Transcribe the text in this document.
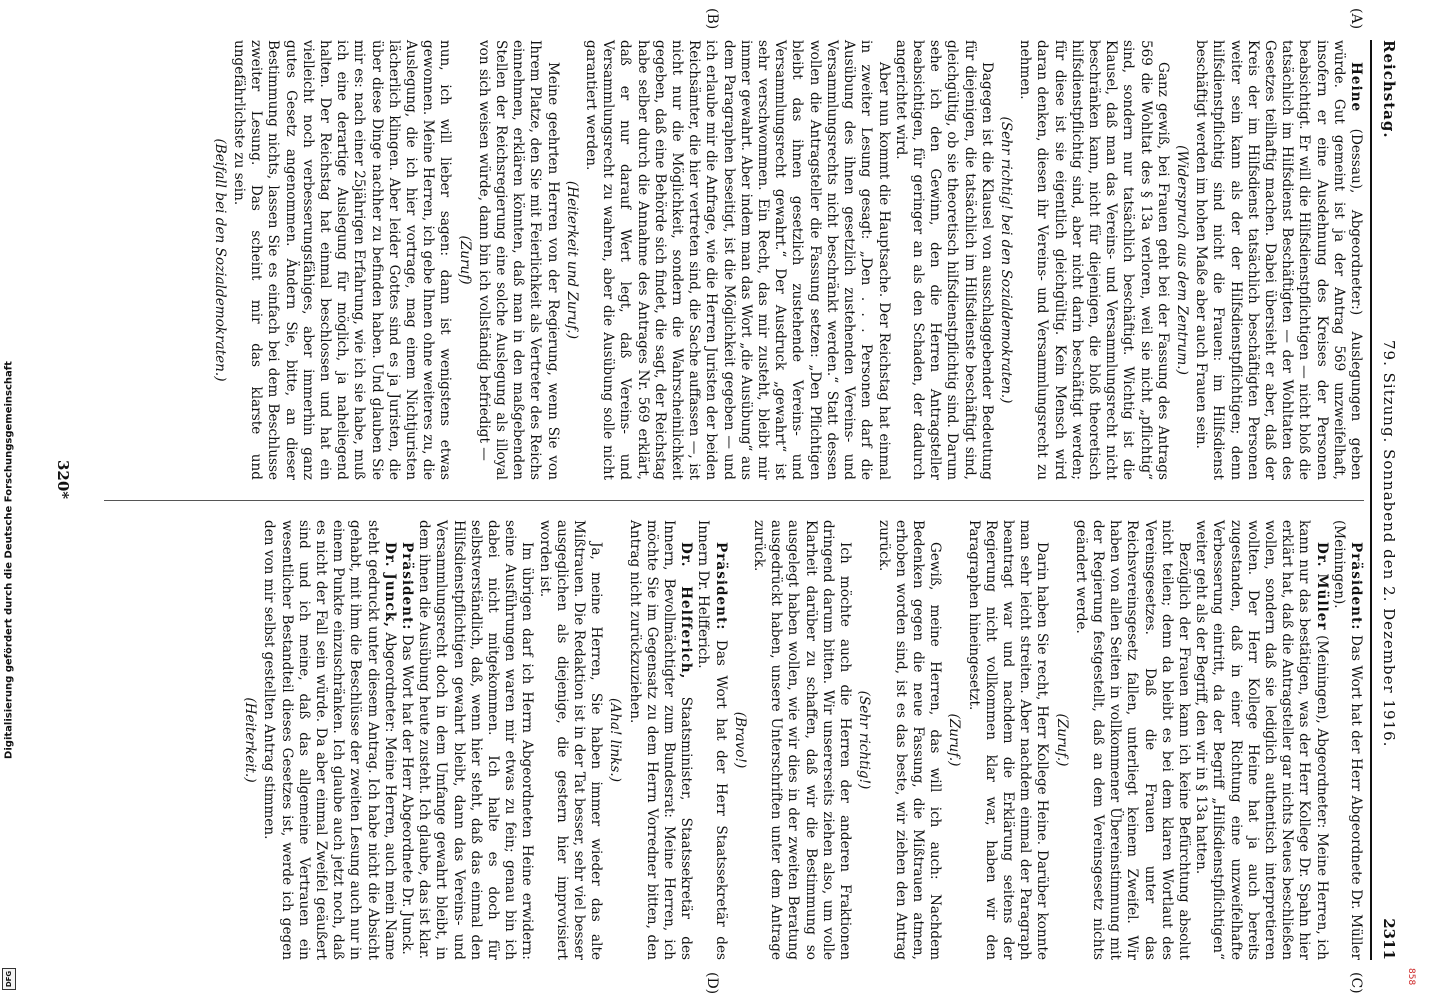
Digitalisierung gefördert durch die Deutsche Forschungsgemeinschaft
DFG	858
Reichstag.
79. Sitzung. Sonnabend den 2. Dezember 1916.
2311
(A)
(B)
(C)
(D)

Heine (Dessau), Abgeordneter:) Auslegungen geben würde. Gut gemeint ist ja der Antrag 569 unzweifelhaft, insofern er eine Ausdehnung des Kreises der Personen beabsichtigt. Er will die Hilfsdienstpflichtigen — nicht bloß die tatsächlich im Hilfsdienst Beschäftigten — der Wohltaten des Gesetzes teilhaftig machen. Dabei übersieht er aber, daß der Kreis der im Hilfsdienst tatsächlich beschäftigten Personen weiter sein kann als der der Hilfsdienstpflichtigen; denn hilfsdienstpflichtig sind nicht die Frauen: im Hilfsdienst beschäftigt werden im hohen Maße aber auch Frauen sein.

(Widerspruch aus dem Zentrum.)

Ganz gewiß, bei Frauen geht bei der Fassung des Antrags 569 die Wohltat des § 13a verloren, weil sie nicht „pflichtig“ sind, sondern nur tatsächlich beschäftigt. Wichtig ist die Klausel, daß man das Vereins- und Versammlungsrecht nicht beschränken kann, nicht für diejenigen, die bloß theoretisch hilfsdienstpflichtig sind, aber nicht darin beschäftigt werden; für diese ist sie eigentlich gleichgültig. Kein Mensch wird daran denken, diesen ihr Vereins- und Versammlungsrecht zu nehmen.

(Sehr richtig! bei den Sozialdemokraten.)

Dagegen ist die Klausel von ausschlaggebender Bedeutung für diejenigen, die tatsächlich im Hilfsdienste beschäftigt sind, gleichgültig, ob sie theoretisch hilfsdienstpflichtig sind. Darum sehe ich den Gewinn, den die Herren Antragsteller beabsichtigen, für geringer an als den Schaden, der dadurch angerichtet wird.

Aber nun kommt die Hauptsache. Der Reichstag hat einmal in zweiter Lesung gesagt: „Den . . . Personen darf die Ausübung des ihnen gesetzlich zustehenden Vereins- und Versammlungsrechts nicht beschränkt werden.“ Statt dessen wollen die Antragsteller die Fassung setzen: „Den Pflichtigen bleibt das ihnen gesetzlich zustehende Vereins- und Versammlungsrecht gewahrt.“ Der Ausdruck „gewahrt“ ist sehr verschwommen. Ein Recht, das mir zusteht, bleibt mir immer gewahrt. Aber indem man das Wort „die Ausübung“ aus dem Paragraphen beseitigt, ist die Möglichkeit gegeben — und ich erlaube mir die Anfrage, wie die Herren Juristen der beiden Reichsämter, die hier vertreten sind, die Sache auffassen —, ist nicht nur die Möglichkeit, sondern die Wahrscheinlichkeit gegeben, daß eine Behörde sich findet, die sagt, der Reichstag habe selber durch die Annahme des Antrages Nr. 569 erklärt, daß er nur darauf Wert legt, daß Vereins- und Versammlungsrecht zu wahren, aber die Ausübung solle nicht garantiert werden.

(Heiterkeit und Zuruf.)

Meine geehrten Herren von der Regierung, wenn Sie von Ihrem Platze, den Sie mit Feierlichkeit als Vertreter des Reichs einnehmen, erklären könnten, daß man in den maßgebenden Stellen der Reichsregierung eine solche Auslegung als illoyal von sich weisen würde, dann bin ich vollständig befriedigt —

(Zuruf)

nun, ich will lieber sagen: dann ist wenigstens etwas gewonnen. Meine Herren, ich gebe Ihnen ohne weiteres zu, die Auslegung, die ich hier vortrage, mag einem Nichtjuristen lächerlich klingen. Aber leider Gottes sind es ja Juristen, die über diese Dinge nachher zu befinden haben. Und glauben Sie mir es: nach einer 25jährigen Erfahrung, wie ich sie habe, muß ich eine derartige Auslegung für möglich, ja naheliegend halten. Der Reichstag hat einmal beschlossen und hat ein vielleicht noch verbesserungsfähiges, aber immerhin ganz gutes Gesetz angenommen. Ändern Sie, bitte, an dieser Bestimmung nichts, lassen Sie es einfach bei dem Beschlusse zweiter Lesung. Das scheint mir das klarste und ungefährlichste zu sein.

(Beifall bei den Sozialdemokraten.)

Präsident: Das Wort hat der Herr Abgeordnete Dr. Müller (Meiningen).

Dr. Müller (Meiningen), Abgeordneter: Meine Herren, ich kann nur das bestätigen, was der Herr Kollege Dr. Spahn hier erklärt hat, daß die Antragsteller gar nichts Neues beschließen wollen, sondern daß sie lediglich authentisch interpretieren wollten. Der Herr Kollege Heine hat ja auch bereits zugestanden, daß in einer Richtung eine unzweifelhafte Verbesserung eintritt, da der Begriff „Hilfsdienstpflichtigen“ weiter geht als der Begriff, den wir in § 13a hatten.

Bezüglich der Frauen kann ich keine Befürchtung absolut nicht teilen; denn da bleibt es bei dem klaren Wortlaut des Vereinsgesetzes. Daß die Frauen unter das Reichsvereinsgesetz fallen, unterliegt keinem Zweifel. Wir haben von allen Seiten in vollkommener Übereinstimmung mit der Regierung festgestellt, daß an dem Vereinsgesetz nichts geändert werde.

(Zuruf.)

Darin haben Sie recht, Herr Kollege Heine. Darüber konnte man sehr leicht streiten. Aber nachdem einmal der Paragraph beantragt war und nachdem die Erklärung seitens der Regierung nicht vollkommen klar war, haben wir den Paragraphen hineingesetzt.

(Zuruf.)

Gewiß, meine Herren, das will ich auch: Nachdem Bedenken gegen die neue Fassung, die Mißtrauen atmen, erhoben worden sind, ist es das beste, wir ziehen den Antrag zurück.

(Sehr richtig!)

Ich möchte auch die Herren der anderen Fraktionen dringend darum bitten. Wir unsererseits ziehen also, um volle Klarheit darüber zu schaffen, daß wir die Bestimmung so ausgelegt haben wollen, wie wir dies in der zweiten Beratung ausgedrückt haben, unsere Unterschriften unter dem Antrage zurück.

(Bravo!)

Präsident: Das Wort hat der Herr Staatssekretär des Innern Dr. Helfferich.

Dr. Helfferich, Staatsminister, Staatssekretär des Innern, Bevollmächtigter zum Bundesrat: Meine Herren, ich möchte Sie im Gegensatz zu dem Herrn Vorredner bitten, den Antrag nicht zurückzuziehen.

(Aha! links.)

Ja, meine Herren, Sie haben immer wieder das alte Mißtrauen. Die Redaktion ist in der Tat besser, sehr viel besser ausgeglichen als diejenige, die gestern hier improvisiert worden ist.

Im übrigen darf ich Herrn Abgeordneten Heine erwidern: seine Ausführungen waren mir etwas zu fein; genau bin ich dabei nicht mitgekommen. Ich halte es doch für selbstverständlich, daß, wenn hier steht, daß das einmal den Hilfsdienstpflichtigen gewahrt bleibt, dann das Vereins- und Versammlungsrecht doch in dem Umfange gewahrt bleibt, in dem ihnen die Ausübung heute zusteht. Ich glaube, das ist klar.

Präsident: Das Wort hat der Herr Abgeordnete Dr. Junck.

Dr. Junck, Abgeordneter: Meine Herren, auch mein Name steht gedruckt unter diesem Antrag. Ich habe nicht die Absicht gehabt, mit ihm die Beschlüsse der zweiten Lesung auch nur in einem Punkte einzuschränken. Ich glaube auch jetzt noch, daß es nicht der Fall sein würde. Da aber einmal Zweifel geäußert sind und ich meine, daß das allgemeine Vertrauen ein wesentlicher Bestandteil dieses Gesetzes ist, werde ich gegen den von mir selbst gestellten Antrag stimmen.

(Heiterkeit.)

320*
